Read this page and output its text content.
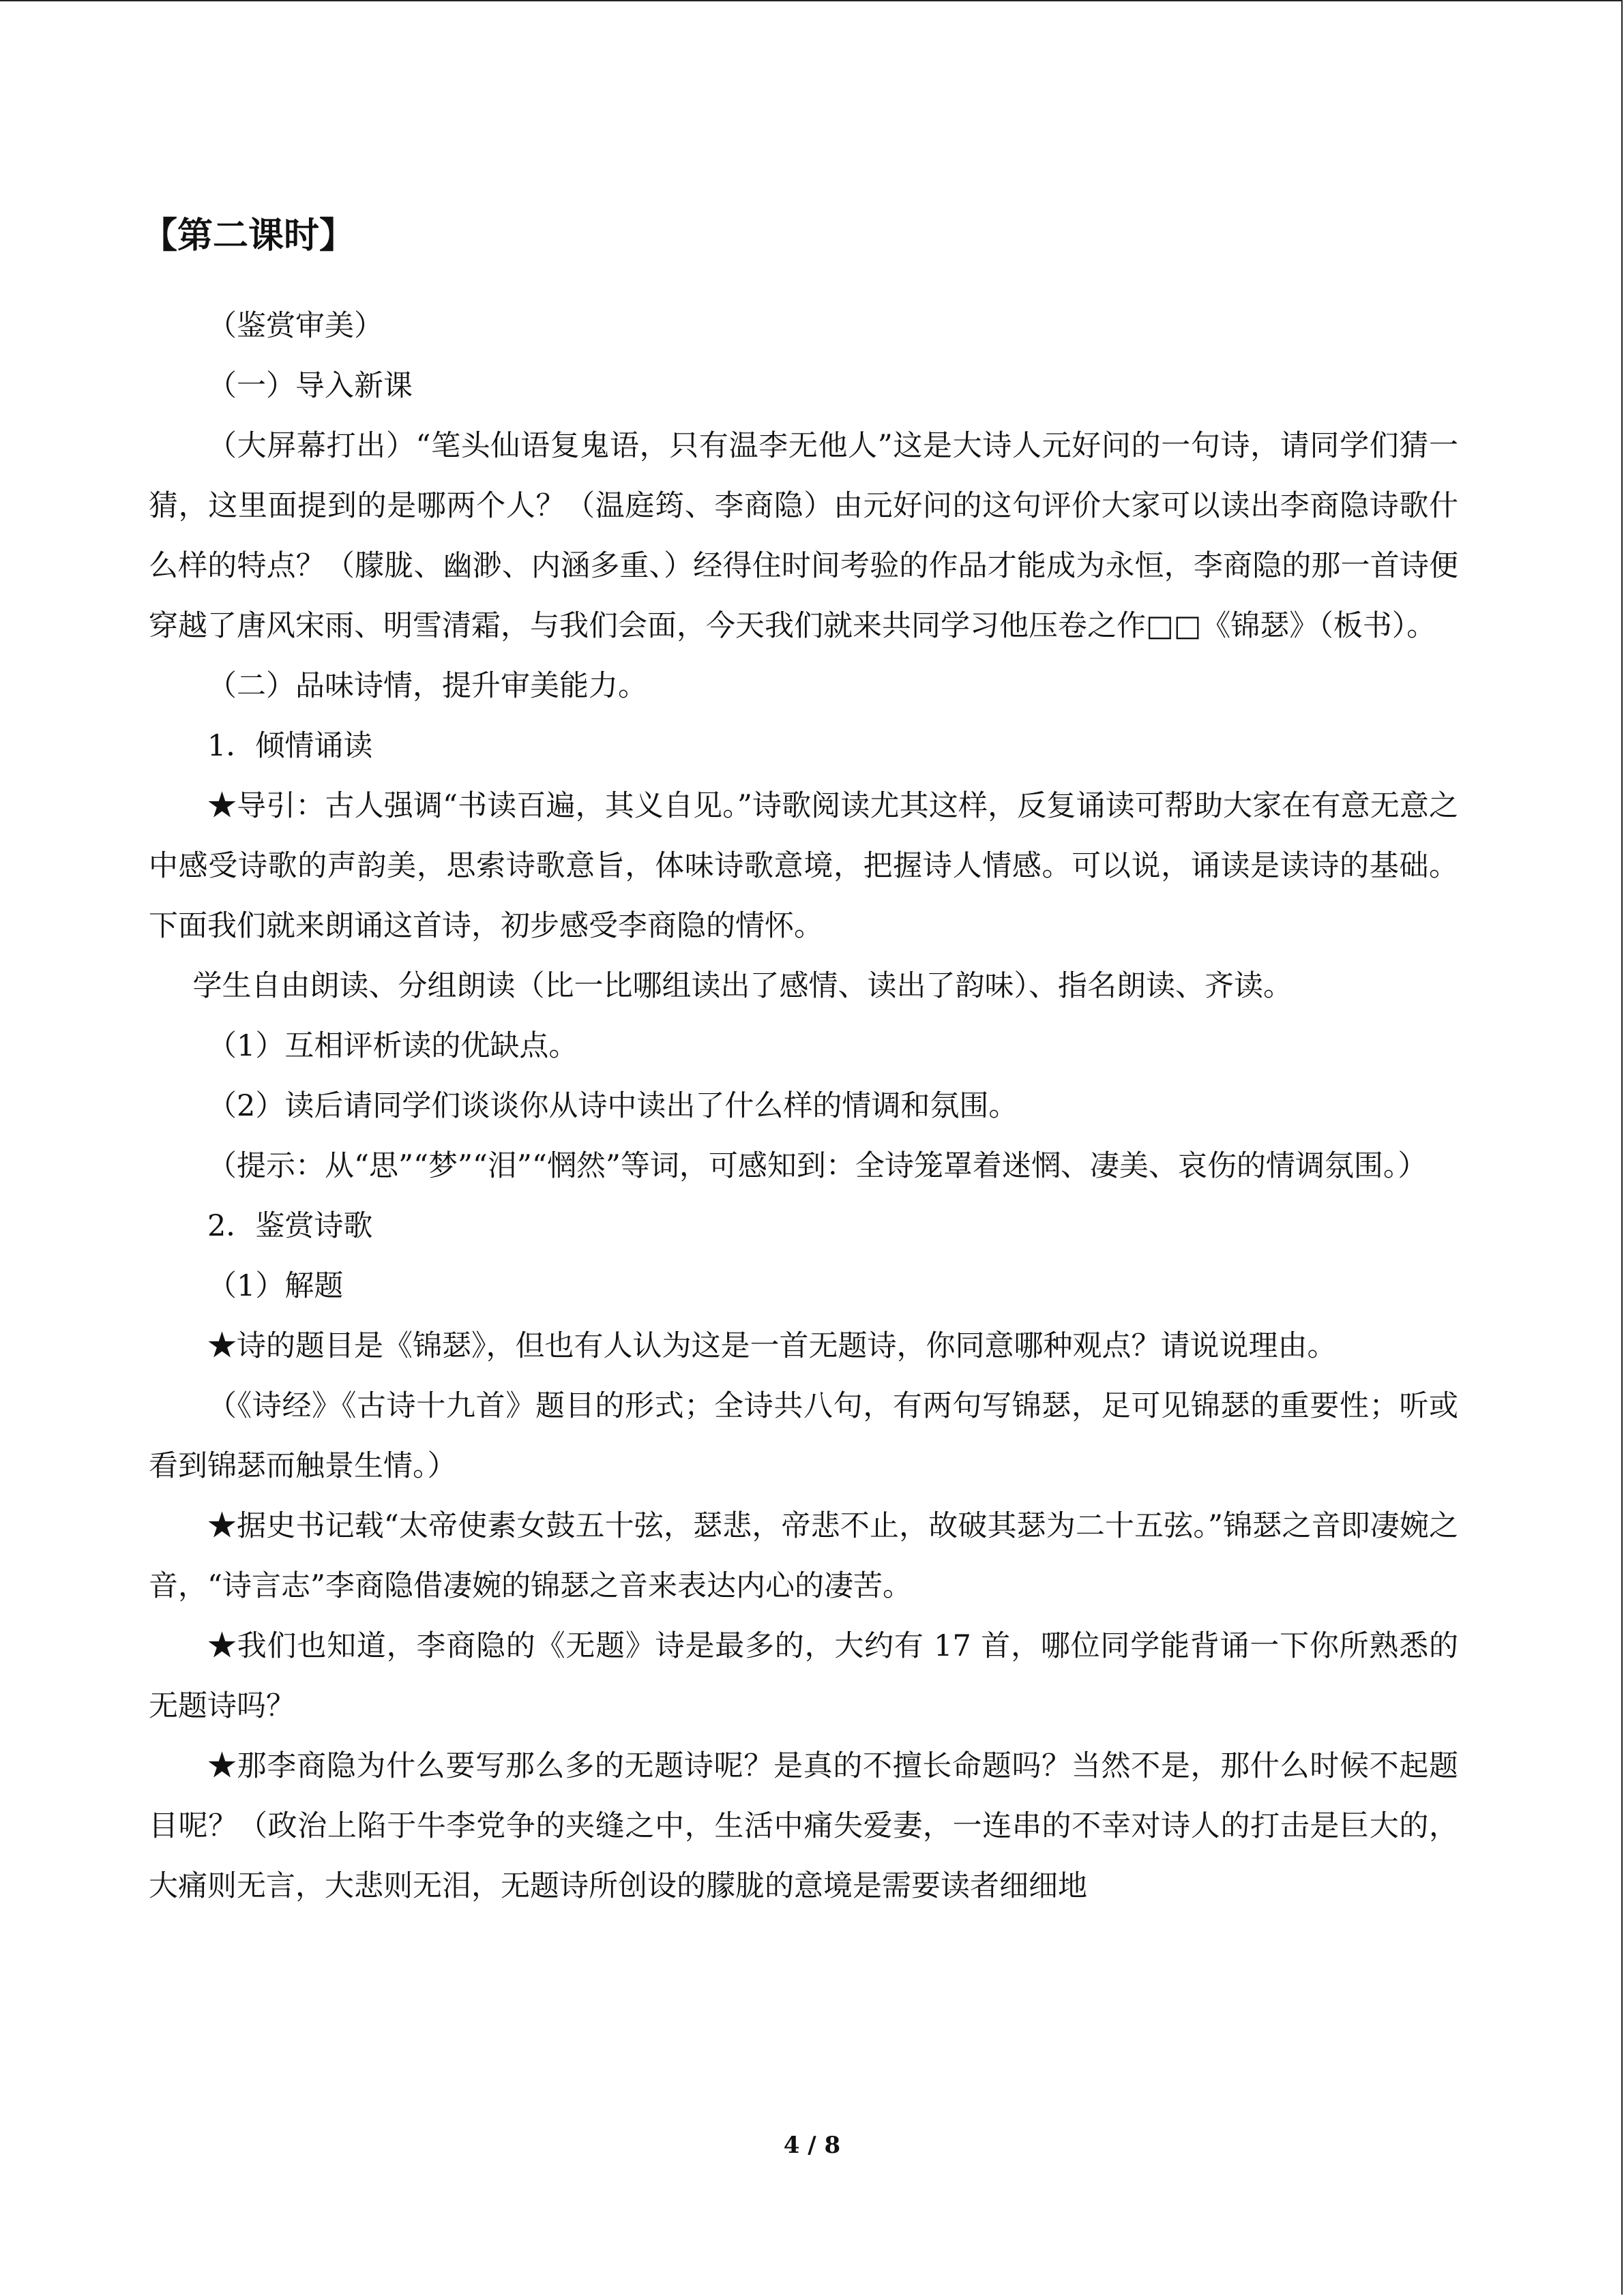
【第二课时】

（鉴赏审美）

（一）导入新课

（大屏幕打出）“笔头仙语复鬼语，只有温李无他人”这是大诗人元好问的一句诗，请同学们猜一猜，这里面提到的是哪两个人？（温庭筠、李商隐）由元好问的这句评价大家可以读出李商隐诗歌什么样的特点？（朦胧、幽渺、内涵多重、）经得住时间考验的作品才能成为永恒，李商隐的那一首诗便穿越了唐风宋雨、明雪清霜，与我们会面，今天我们就来共同学习他压卷之作□□《锦瑟》（板书）。

（二）品味诗情，提升审美能力。

1．倾情诵读

★导引：古人强调“书读百遍，其义自见。”诗歌阅读尤其这样，反复诵读可帮助大家在有意无意之中感受诗歌的声韵美，思索诗歌意旨，体味诗歌意境，把握诗人情感。可以说，诵读是读诗的基础。下面我们就来朗诵这首诗，初步感受李商隐的情怀。

学生自由朗读、分组朗读（比一比哪组读出了感情、读出了韵味）、指名朗读、齐读。

（1）互相评析读的优缺点。

（2）读后请同学们谈谈你从诗中读出了什么样的情调和氛围。

（提示：从“思”“梦”“泪”“惘然”等词，可感知到：全诗笼罩着迷惘、凄美、哀伤的情调氛围。）

2．鉴赏诗歌

（1）解题

★诗的题目是《锦瑟》，但也有人认为这是一首无题诗，你同意哪种观点？请说说理由。

（《诗经》《古诗十九首》题目的形式；全诗共八句，有两句写锦瑟，足可见锦瑟的重要性；听或看到锦瑟而触景生情。）

★据史书记载“太帝使素女鼓五十弦，瑟悲，帝悲不止，故破其瑟为二十五弦。”锦瑟之音即凄婉之音，“诗言志”李商隐借凄婉的锦瑟之音来表达内心的凄苦。

★我们也知道，李商隐的《无题》诗是最多的，大约有 17 首，哪位同学能背诵一下你所熟悉的无题诗吗？

★那李商隐为什么要写那么多的无题诗呢？是真的不擅长命题吗？当然不是，那什么时候不起题目呢？（政治上陷于牛李党争的夹缝之中，生活中痛失爱妻，一连串的不幸对诗人的打击是巨大的，大痛则无言，大悲则无泪，无题诗所创设的朦胧的意境是需要读者细细地

4 / 8
